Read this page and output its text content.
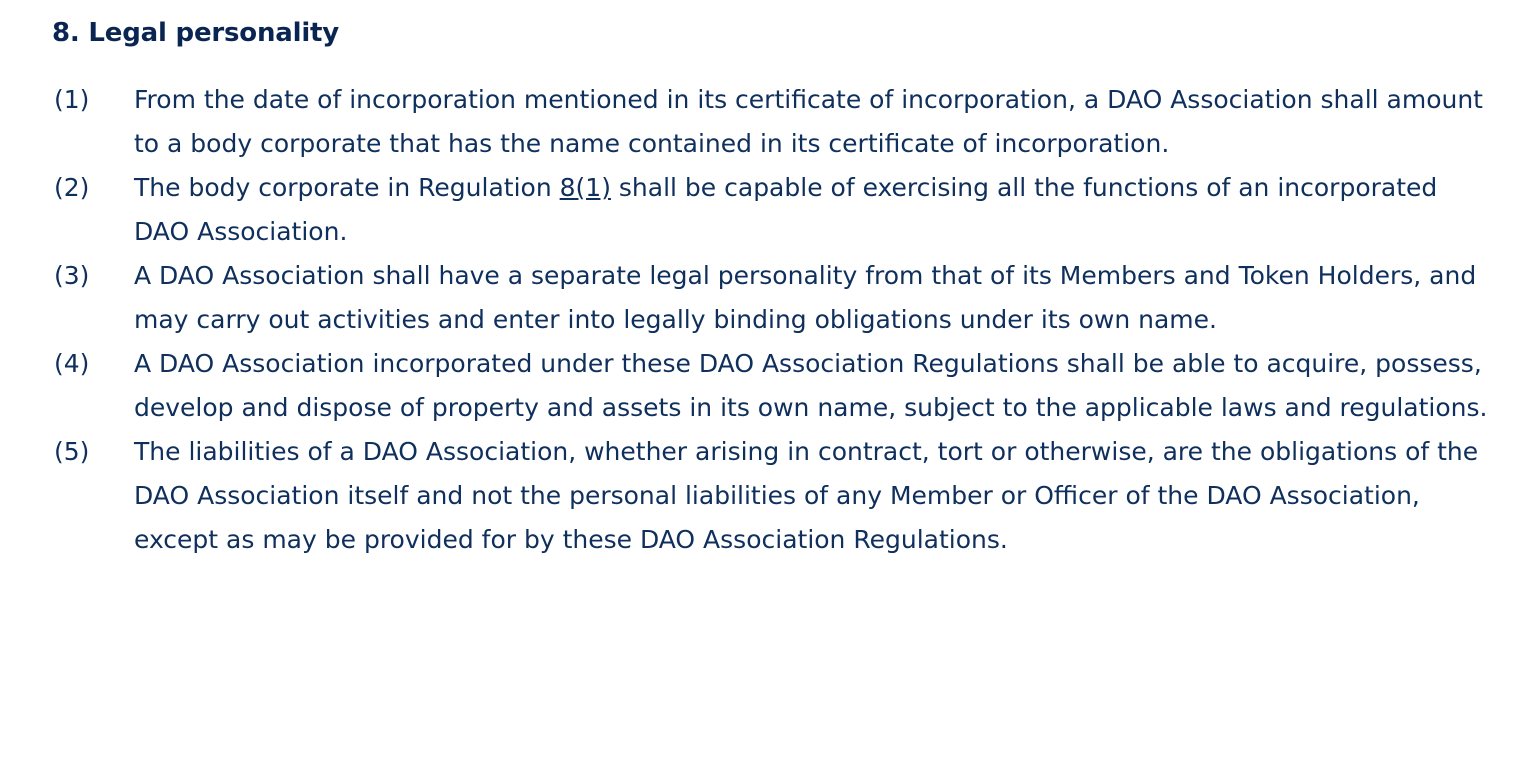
8. Legal personality
(1)	From the date of incorporation mentioned in its certificate of incorporation, a DAO Association shall amount to a body corporate that has the name contained in its certificate of incorporation.
(2)	The body corporate in Regulation 8(1) shall be capable of exercising all the functions of an incorporated DAO Association.
(3)	A DAO Association shall have a separate legal personality from that of its Members and Token Holders, and may carry out activities and enter into legally binding obligations under its own name.
(4)	A DAO Association incorporated under these DAO Association Regulations shall be able to acquire, possess, develop and dispose of property and assets in its own name, subject to the applicable laws and regulations.
(5)	The liabilities of a DAO Association, whether arising in contract, tort or otherwise, are the obligations of the DAO Association itself and not the personal liabilities of any Member or Officer of the DAO Association, except as may be provided for by these DAO Association Regulations.
